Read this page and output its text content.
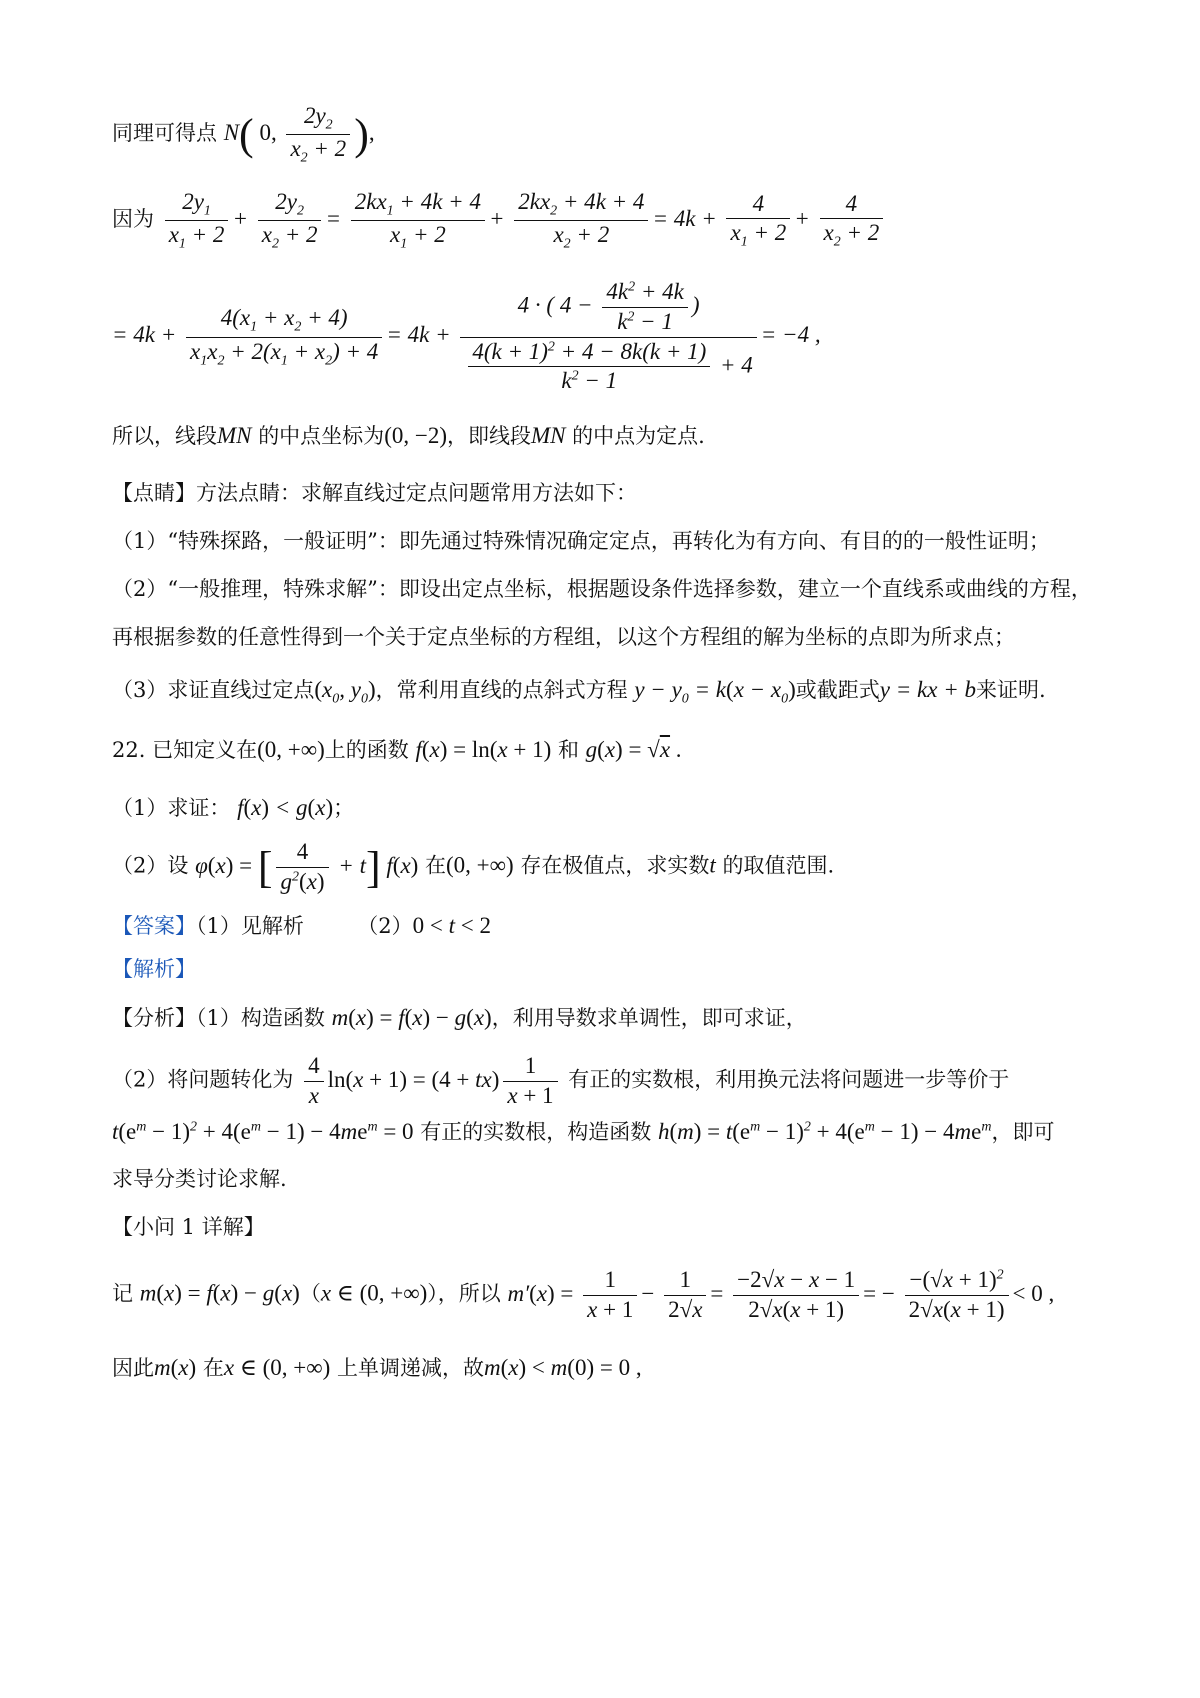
同理可得点 N( 0, $\frac{2y_2}{x_2 + 2}$ ),
因为 $\frac{2y_1}{x_1 + 2} + \frac{2y_2}{x_2 + 2} = \frac{2kx_1 + 4k + 4}{x_1 + 2} + \frac{2kx_2 + 4k + 4}{x_2 + 2} = 4k + \frac{4}{x_1 + 2} + \frac{4}{x_2 + 2}$
= $4k + \frac{4(x_1 + x_2 + 4)}{x_1x_2 + 2(x_1 + x_2) + 4} = 4k + \frac{4 \cdot ( 4 - \frac{4k^2 + 4k}{k^2 - 1} )}{\frac{4(k + 1)^2 + 4 - 8k(k + 1)}{k^2 - 1} + 4} = -4$ ,
所以，线段MN 的中点坐标为(0, −2)，即线段MN 的中点为定点.
【点睛】方法点睛：求解直线过定点问题常用方法如下：
（1）“特殊探路，一般证明”：即先通过特殊情况确定定点，再转化为有方向、有目的的一般性证明；
（2）“一般推理，特殊求解”：即设出定点坐标，根据题设条件选择参数，建立一个直线系或曲线的方程，
再根据参数的任意性得到一个关于定点坐标的方程组，以这个方程组的解为坐标的点即为所求点；
（3）求证直线过定点($x_0$, $y_0$)，常利用直线的点斜式方程 $y - y_0 = k(x - x_0)$或截距式y = kx + b来证明.
22. 已知定义在(0, +∞)上的函数 f(x) = ln(x + 1) 和 g(x) = √x .
（1）求证： f(x) < g(x)；
（2）设 φ(x) = [ $\frac{4}{g^2(x)} + t$] f(x) 在(0, +∞) 存在极值点，求实数t 的取值范围.
【答案】（1）见解析	（2）0 < t < 2
【解析】
【分析】（1）构造函数 m(x) = f(x) − g(x)，利用导数求单调性，即可求证，
（2）将问题转化为 $\frac{4}{x} \ln(x + 1) = (4 + tx) \frac{1}{x + 1}$ 有正的实数根，利用换元法将问题进一步等价于
$t(e^m - 1)^2 + 4(e^m - 1) - 4me^m = 0$ 有正的实数根，构造函数 $h(m) = t(e^m - 1)^2 + 4(e^m - 1) - 4me^m$，即可
求导分类讨论求解.
【小问 1 详解】
记 m(x) = f(x) − g(x)（x ∈ (0, +∞)），所以 $m'(x) = \frac{1}{x + 1} - \frac{1}{2√x} = \frac{-2√x - x - 1}{2√x(x + 1)}$ = − $\frac{-(√x + 1)^2}{2√x(x + 1)} < 0$ ,
因此m(x) 在x ∈ (0, +∞) 上单调递减，故m(x) < m(0) = 0 ,
